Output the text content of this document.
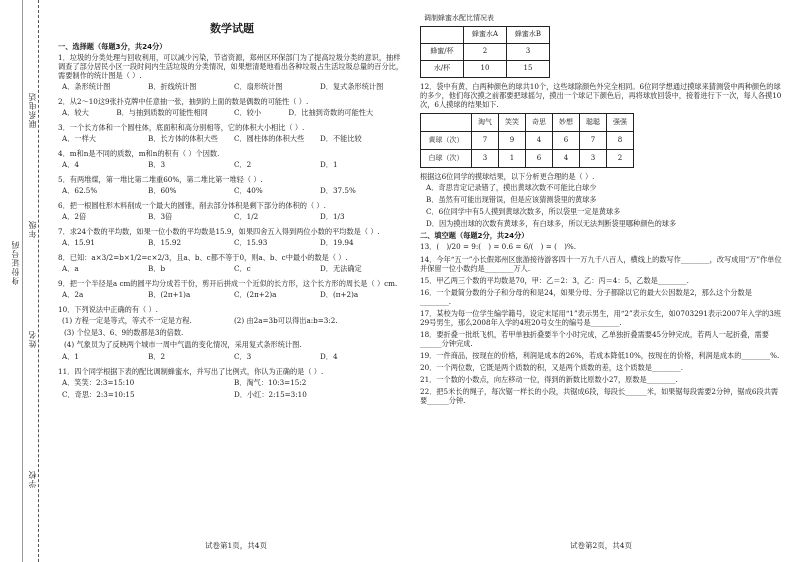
联系电话
年级
姓名
身份证号码
学校
数学试题
一、选择题（每题3分，共24分）
1．垃圾的分类处理与回收利用，可以减少污染，节省资源，郑州区环保部门为了提高垃圾分类的意识，抽样调查了部分居民小区一段时间内生活垃圾的分类情况，如果想清楚地看出各种垃圾占生活垃圾总量的百分比，需要制作的统计图是（ ）.
A．条形统计图	B．折线统计图	C．扇形统计图	D．复式条形统计图
2．从2～10这9张扑克牌中任意抽一张，抽到的上面的数是偶数的可能性（ ）.
A．较大	B．与抽到质数的可能性相同	C．较小	D．比抽到奇数的可能性大
3．一个长方体和一个圆柱体，底面积和高分别相等，它的体积大小相比（ ）.
A．一样大	B．长方体的体积大些	C．圆柱体的体积大些	D．不能比较
4．m和n是不同的质数，m和n的积有（ ）个因数.
A．4	B．3	C．2	D．1
5．有两堆煤，第一堆比第二堆重60%，第二堆比第一堆轻（ ）.
A．62.5%	B．60%	C．40%	D．37.5%
6．把一根圆柱形木料削成一个最大的圆锥，削去部分体积是剩下部分的体积的（ ）.
A．2倍	B．3倍	C．1/2	D．1/3
7．求24个数的平均数，如果一位小数的平均数是15.9，如果四舍五入得到两位小数的平均数是（ ）.
A．15.91	B．15.92	C．15.93	D．19.94
8．已知：a×3/2=b×1/2=c×2/3，且a、b、c都不等于0，则a、b、c中最小的数是（ ）.
A．a	B．b	C．c	D．无法确定
9．把一个半径是a cm的圆平均分成若干份，剪开后拼成一个近似的长方形，这个长方形的周长是（ ）cm.
A．2a	B．(2π+1)a	C．(2π+2)a	D．(π+2)a
10．下列说法中正确的有（ ）.
(1) 方程一定是等式，等式不一定是方程.	(2) 由2a=3b可以得出a:b=3:2.
(3) 个位是3、6、9的数都是3的倍数.
(4) 气象员为了反映两个城市一周中气温的变化情况，采用复式条形统计图.
A．1	B．2	C．3	D．4
11．四个同学根据下表的配比调制蜂蜜水，并写出了比例式，你认为正确的是（ ）.
A．笑笑：2:3=15:10	B．淘气：10:3=15:2
C．奇思：2:3=10:15	D．小红：2:15=3:10
试卷第1页，共4页
调制蜂蜜水配比情况表
	蜂蜜水A	蜂蜜水B
蜂蜜/杯	2	3
水/杯	10	15
12．袋中有黄、白两种颜色的球共10个，这些球除颜色外完全相同。6位同学想通过摸球来猜测袋中两种颜色的球的多少，他们每次摸之前都要把球摇匀，摸出一个球记下颜色后，再将球放回袋中，接着进行下一次，每人各摸10次，6人摸球的结果如下.
	淘气	笑笑	奇思	妙想	聪聪	强强
黄球（次）	7	9	4	6	7	8
白球（次）	3	1	6	4	3	2
根据这6位同学的摸球结果，以下分析更合理的是（ ）.
A．奇思肯定记录错了，摸出黄球次数不可能比白球少
B．虽然有可能出现错误，但是应该猜测袋里的黄球多
C．6位同学中有5人摸到黄球次数多，所以袋里一定是黄球多
D．因为摸出球的次数有黄球多，有白球多，所以无法判断袋里哪种颜色的球多
二、填空题（每题2分，共24分）
13．(　)/20 = 9:(　) = 0.6 = 6/(　) = (　)%.
14．今年“五一”小长假郑州区旅游接待游客四十一万九千八百人，横线上的数写作________，改写成用“万”作单位并保留一位小数约是________万人.
15．甲乙两三个数的平均数是70，甲：乙＝2：3，乙：丙＝4：5，乙数是________.
16．一个最简分数的分子和分母的和是24，如果分母、分子都除以它的最大公因数是2，那么这个分数是________.
17．某校为每一位学生编学籍号，设定末尾用“1”表示男生，用“2”表示女生，如0703291表示2007年入学的3班29号男生，那么2008年入学的4班20号女生的编号是________.
18．要折叠一批纸飞机，若甲单独折叠要半个小时完成，乙单独折叠需要45分钟完成，若两人一起折叠，需要______分钟完成.
19．一件商品，按现在的价格，利润是成本的26%，若成本降低10%，按现在的价格，利润是成本的________%.
20．一个两位数，它既是两个质数的积，又是两个质数的差，这个质数是________.
21．一个数的小数点，向左移动一位，得到的新数比原数小27，原数是________.
22．把5米长的绳子，每次锯一样长的小段，共锯成6段，每段长______米，如果锯每段需要2分钟，锯成6段共需要______分钟.
试卷第2页，共4页
